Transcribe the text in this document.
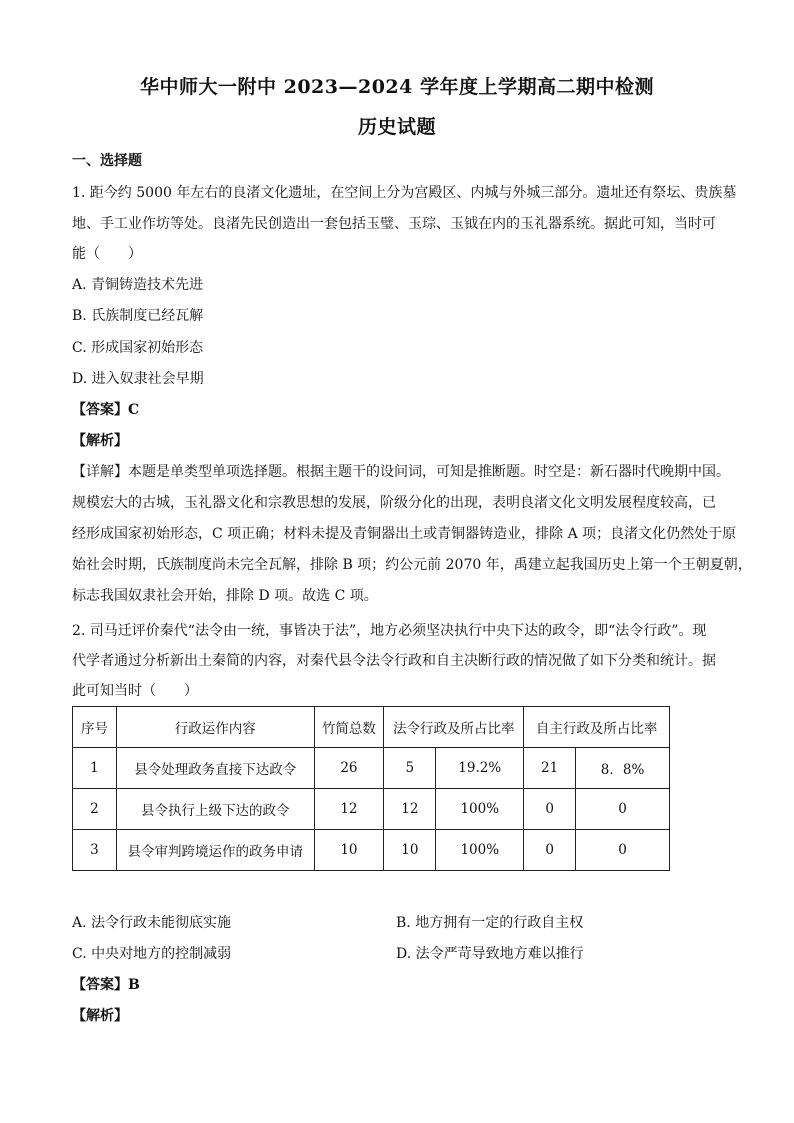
华中师大一附中 2023—2024 学年度上学期高二期中检测
历史试题
一、选择题
1. 距今约 5000 年左右的良渚文化遗址，在空间上分为宫殿区、内城与外城三部分。遗址还有祭坛、贵族墓
地、手工业作坊等处。良渚先民创造出一套包括玉璧、玉琮、玉钺在内的玉礼器系统。据此可知，当时可
能（　　）
A. 青铜铸造技术先进
B. 氏族制度已经瓦解
C. 形成国家初始形态
D. 进入奴隶社会早期
【答案】C
【解析】
【详解】本题是单类型单项选择题。根据主题干的设问词，可知是推断题。时空是：新石器时代晚期中国。
规模宏大的古城，玉礼器文化和宗教思想的发展，阶级分化的出现，表明良渚文化文明发展程度较高，已
经形成国家初始形态，C 项正确；材料未提及青铜器出土或青铜器铸造业，排除 A 项；良渚文化仍然处于原
始社会时期，氏族制度尚未完全瓦解，排除 B 项；约公元前 2070 年，禹建立起我国历史上第一个王朝夏朝，
标志我国奴隶社会开始，排除 D 项。故选 C 项。
2. 司马迁评价秦代“法令由一统，事皆决于法”，地方必须坚决执行中央下达的政令，即“法令行政”。现
代学者通过分析新出土秦简的内容，对秦代县令法令行政和自主决断行政的情况做了如下分类和统计。据
此可知当时（　　）
序号	行政运作内容	竹简总数	法令行政及所占比率		自主行政及所占比率	
1	县令处理政务直接下达政令	26	5	19.2%	21	8．8%
2	县令执行上级下达的政令	12	12	100%	0	0
3	县令审判跨境运作的政务申请	10	10	100%	0	0
A. 法令行政未能彻底实施	B. 地方拥有一定的行政自主权
C. 中央对地方的控制减弱	D. 法令严苛导致地方难以推行
【答案】B
【解析】
